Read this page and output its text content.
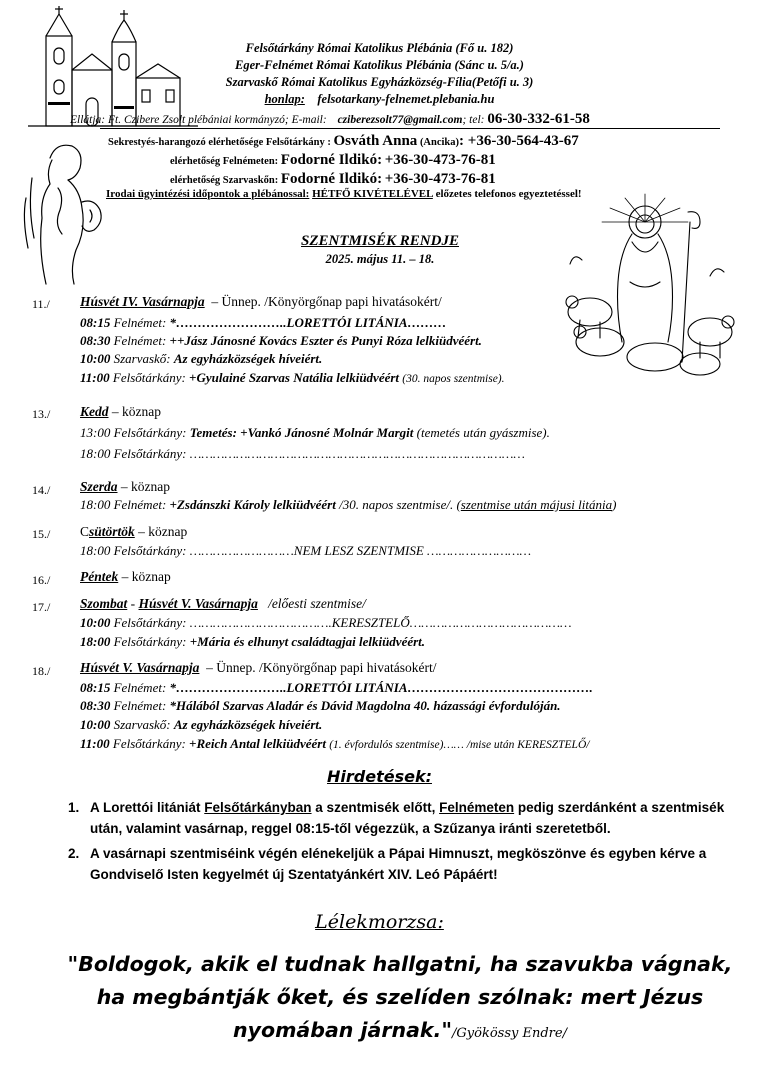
Felsőtárkány Római Katolikus Plébánia (Fő u. 182)
Eger-Felnémet Római Katolikus Plébánia (Sánc u. 5/a.)
Szarvaskő Római Katolikus Egyházközség-Fília(Petőfi u. 3)
honlap: felsotarkany-felnemet.plebania.hu
Ellátja: Ft. Czibere Zsolt plébániai kormányzó; E-mail: cziberezsolt77@gmail.com; tel: 06-30-332-61-58
Sekrestyés-harangozó elérhetősége Felsőtárkány : Osváth Anna (Ancika): +36-30-564-43-67
elérhetőség Felnémeten: Fodorné Ildikó: +36-30-473-76-81
elérhetőség Szarvaskőn: Fodorné Ildikó: +36-30-473-76-81
Irodai ügyintézési időpontok a plébánossal: HÉTFŐ KIVÉTELÉVEL előzetes telefonos egyeztetéssel!
SZENTMISÉK RENDJE
2025. május 11. – 18.
11./ Húsvét IV. Vasárnapja – Ünnep. /Könyörgőnap papi hivatásokért/
08:15 Felnémet: *……………………..LORETTÓI LITÁNIA………
08:30 Felnémet: ++Jász Jánosné Kovács Eszter és Punyi Róza lelkiüdvéért.
10:00 Szarvaskő: Az egyházközségek híveiért.
11:00 Felsőtárkány: +Gyulainé Szarvas Natália lelkiüdvéért (30. napos szentmise).
13./ Kedd – köznap
13:00 Felsőtárkány: Temetés: +Vankó Jánosné Molnár Margit (temetés után gyászmise).
18:00 Felsőtárkány: ……………………………………………………………………………
14./ Szerda – köznap
18:00 Felnémet: +Zsdánszki Károly lelkiüdvéért /30. napos szentmise/. (szentmise után májusi litánia)
15./ Csütörtök – köznap
18:00 Felsőtárkány: ………………………NEM LESZ SZENTMISE ………………………
16./ Péntek – köznap
17./ Szombat - Húsvét V. Vasárnapja /előesti szentmise/
10:00 Felsőtárkány: ……………………………….KERESZTELŐ……………………………………
18:00 Felsőtárkány: +Mária és elhunyt családtagjai lelkiüdvéért.
18./ Húsvét V. Vasárnapja – Ünnep. /Könyörgőnap papi hivatásokért/
08:15 Felnémet: *……………………..LORETTÓI LITÁNIA…………………………………….
08:30 Felnémet: *Hálából Szarvas Aladár és Dávid Magdolna 40. házassági évfordulóján.
10:00 Szarvaskő: Az egyházközségek híveiért.
11:00 Felsőtárkány: +Reich Antal lelkiüdvéért (1. évfordulós szentmise)…… /mise után KERESZTELŐ/
Hirdetések:
1. A Lorettói litániát Felsőtárkányban a szentmisék előtt, Felnémeten pedig szerdánként a szentmisék után, valamint vasárnap, reggel 08:15-től végezzük, a Szűzanya iránti szeretetből.
2. A vasárnapi szentmiséink végén elénekeljük a Pápai Himnuszt, megköszönve és egyben kérve a Gondviselő Isten kegyelmét új Szentatyánkért XIV. Leó Pápáért!
Lélekmorzsa:
"Boldogok, akik el tudnak hallgatni, ha szavukba vágnak, ha megbántják őket, és szelíden szólnak: mert Jézus nyomában járnak."/Gyökössy Endre/
